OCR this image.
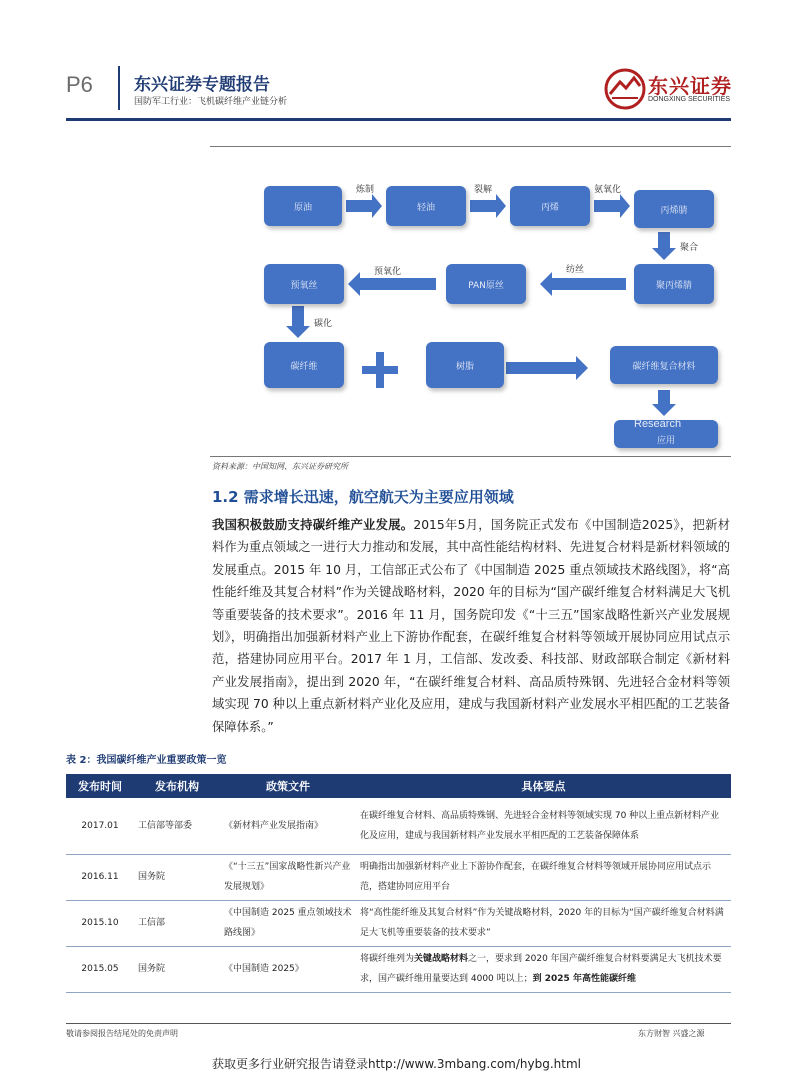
P6 东兴证券专题报告
国防军工行业：飞机碳纤维产业链分析
东兴证券
DONGXING SECURITIES
原油	轻油	丙烯	丙烯腈
聚丙烯腈
PAN原丝
预氧丝
碳纤维	树脂	碳纤维复合材料
应用
Research
炼制	裂解	氨氧化
聚合
纺丝
预氧化
碳化
资料来源：中国知网、东兴证券研究所
1.2 需求增长迅速，航空航天为主要应用领域
我国积极鼓励支持碳纤维产业发展。2015年5月，国务院正式发布《中国制造2025》，把新材料作为重点领域之一进行大力推动和发展，其中高性能结构材料、先进复合材料是新材料领域的发展重点。2015 年 10 月，工信部正式公布了《中国制造 2025 重点领域技术路线图》，将“高性能纤维及其复合材料”作为关键战略材料，2020 年的目标为“国产碳纤维复合材料满足大飞机等重要装备的技术要求”。2016 年 11 月，国务院印发《“十三五”国家战略性新兴产业发展规划》，明确指出加强新材料产业上下游协作配套，在碳纤维复合材料等领域开展协同应用试点示范，搭建协同应用平台。2017 年 1 月，工信部、发改委、科技部、财政部联合制定《新材料产业发展指南》，提出到 2020 年，“在碳纤维复合材料、高品质特殊钢、先进轻合金材料等领域实现 70 种以上重点新材料产业化及应用，建成与我国新材料产业发展水平相匹配的工艺装备保障体系。”
表 2：我国碳纤维产业重要政策一览
发布时间	发布机构	政策文件	具体要点
2017.01	工信部等部委	《新材料产业发展指南》	在碳纤维复合材料、高品质特殊钢、先进轻合金材料等领域实现 70 种以上重点新材料产业化及应用，建成与我国新材料产业发展水平相匹配的工艺装备保障体系
2016.11	国务院	《“十三五”国家战略性新兴产业发展规划》	明确指出加强新材料产业上下游协作配套，在碳纤维复合材料等领域开展协同应用试点示范，搭建协同应用平台
2015.10	工信部	《中国制造 2025 重点领域技术路线图》	将“高性能纤维及其复合材料”作为关键战略材料，2020 年的目标为“国产碳纤维复合材料满足大飞机等重要装备的技术要求”
2015.05	国务院	《中国制造 2025》	将碳纤维列为关键战略材料之一，要求到 2020 年国产碳纤维复合材料要满足大飞机技术要求，国产碳纤维用量要达到 4000 吨以上；到 2025 年高性能碳纤维
敬请参阅报告结尾处的免责声明	东方财智 兴盛之源
获取更多行业研究报告请登录http://www.3mbang.com/hybg.html
